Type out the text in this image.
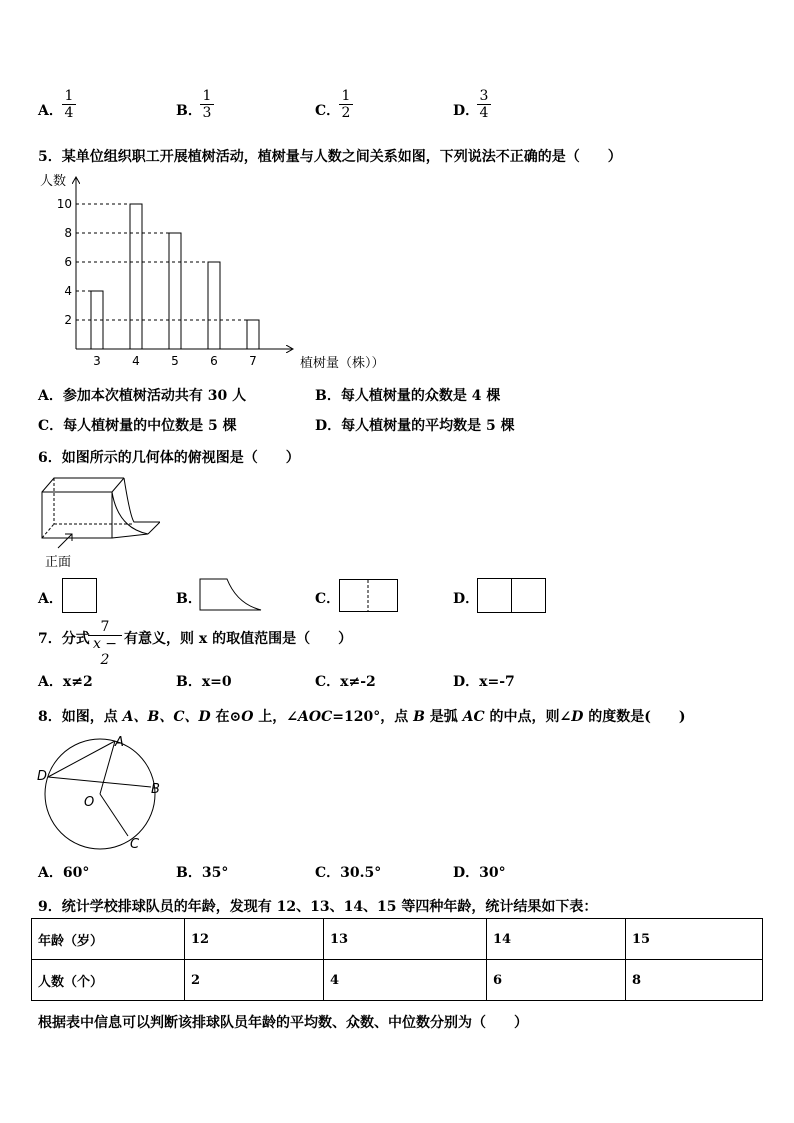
A． $\frac{1}{4}$	B．
$\frac{1}{3}$	C．
$\frac{1}{2}$	D．
$\frac{3}{4}$
5．某单位组织职工开展植树活动，植树量与人数之间关系如图，下列说法不正确的是（　　）
人数
植树量（株））
2
4
6
8
10
3	4	5	6	7
A．参加本次植树活动共有 30 人	B．每人植树量的众数是 4 棵
C．每人植树量的中位数是 5 棵	D．每人植树量的平均数是 5 棵
6．如图所示的几何体的俯视图是（　　）
正面
A．	B．	C．	D．
7．分式
$\frac{7}{x - 2}$ 有意义，则 x 的取值范围是（　　）
A．x≠2	B．x=0	C．x≠-2	D．x=-7
8．如图，点 A、B、C、D 在⊙O 上，∠AOC=120°，点 B 是弧 AC 的中点，则∠D 的度数是(　　)
A
D
B
O
C
A．60°	B．35°	C．30.5°	D．30°
9．统计学校排球队员的年龄，发现有 12、13、14、15 等四种年龄，统计结果如下表：
年龄（岁）	12	13	14	15
人数（个）	2	4	6	8
根据表中信息可以判断该排球队员年龄的平均数、众数、中位数分别为（　　）
